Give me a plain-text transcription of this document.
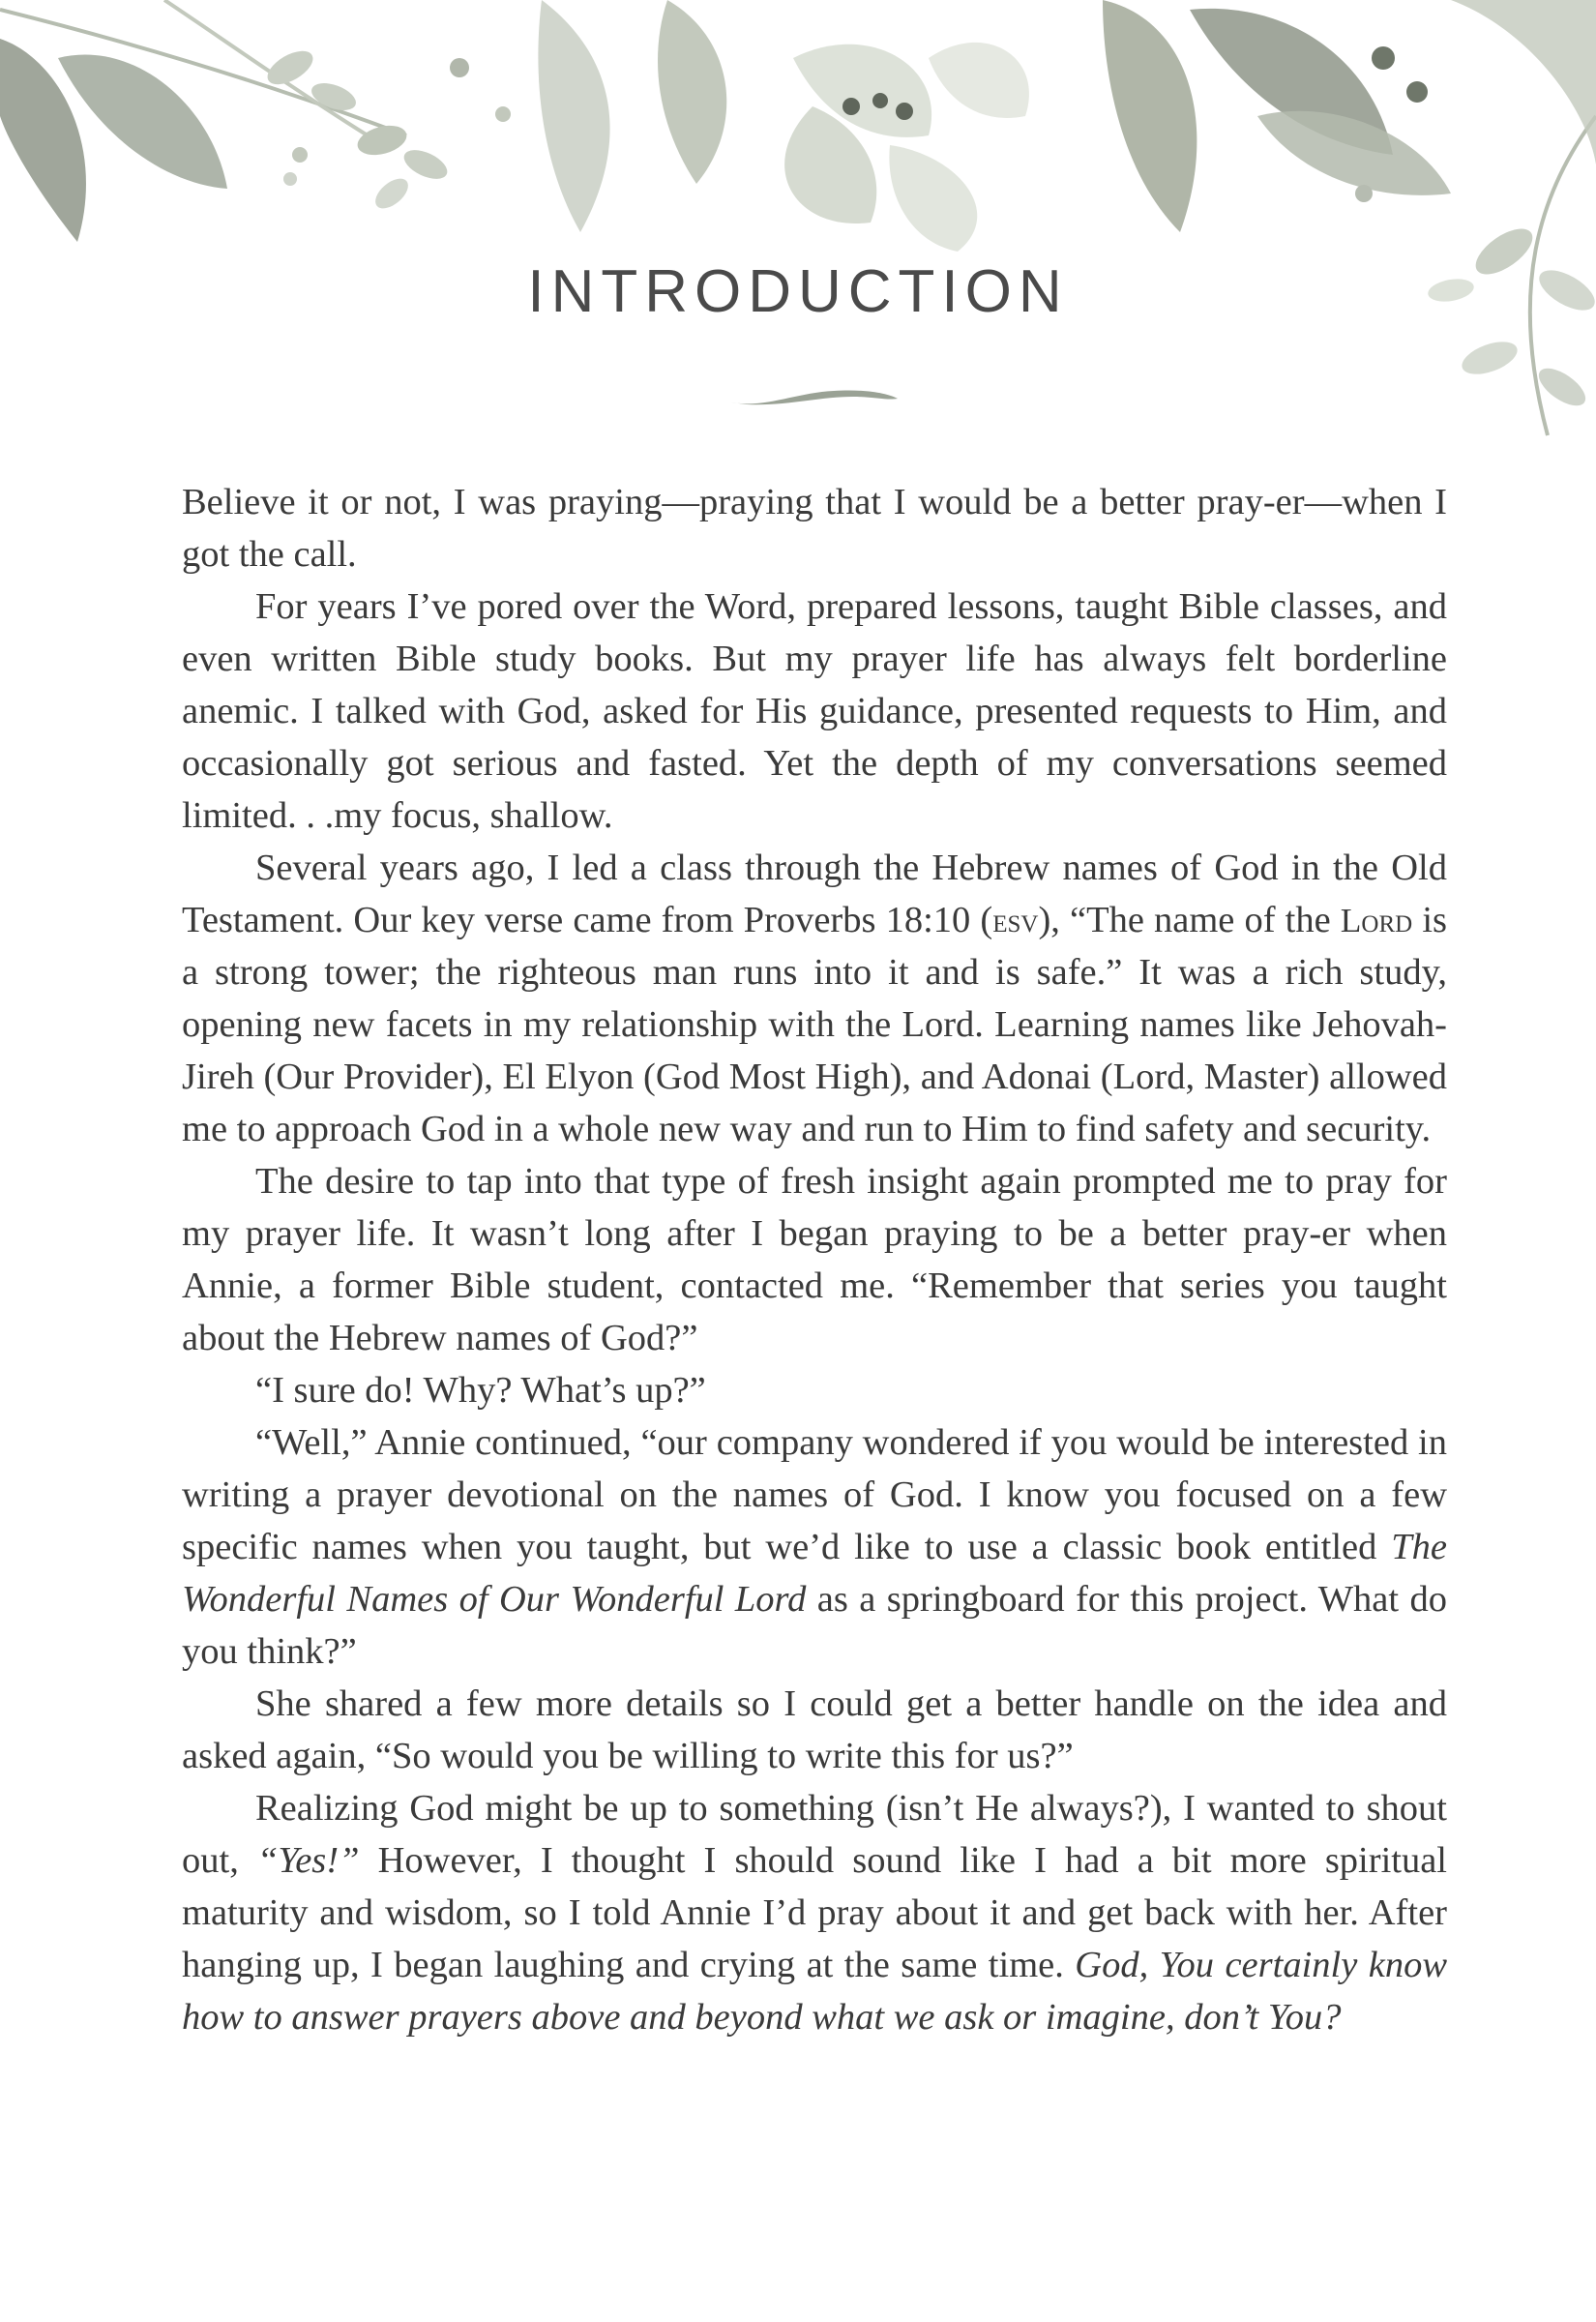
INTRODUCTION

Believe it or not, I was praying—praying that I would be a better pray-er—when I got the call.

For years I’ve pored over the Word, prepared lessons, taught Bible classes, and even written Bible study books. But my prayer life has always felt borderline anemic. I talked with God, asked for His guidance, presented requests to Him, and occasionally got serious and fasted. Yet the depth of my conversations seemed limited. . .my focus, shallow.

Several years ago, I led a class through the Hebrew names of God in the Old Testament. Our key verse came from Proverbs 18:10 (esv), “The name of the Lord is a strong tower; the righteous man runs into it and is safe.” It was a rich study, opening new facets in my relationship with the Lord. Learning names like Jehovah-Jireh (Our Provider), El Elyon (God Most High), and Adonai (Lord, Master) allowed me to approach God in a whole new way and run to Him to find safety and security.

The desire to tap into that type of fresh insight again prompted me to pray for my prayer life. It wasn’t long after I began praying to be a better pray-er when Annie, a former Bible student, contacted me. “Remember that series you taught about the Hebrew names of God?”

“I sure do! Why? What’s up?”

“Well,” Annie continued, “our company wondered if you would be interested in writing a prayer devotional on the names of God. I know you focused on a few specific names when you taught, but we’d like to use a classic book entitled The Wonderful Names of Our Wonderful Lord as a springboard for this project. What do you think?”

She shared a few more details so I could get a better handle on the idea and asked again, “So would you be willing to write this for us?”

Realizing God might be up to something (isn’t He always?), I wanted to shout out, “Yes!” However, I thought I should sound like I had a bit more spiritual maturity and wisdom, so I told Annie I’d pray about it and get back with her. After hanging up, I began laughing and crying at the same time. God, You certainly know how to answer prayers above and beyond what we ask or imagine, don’t You?
